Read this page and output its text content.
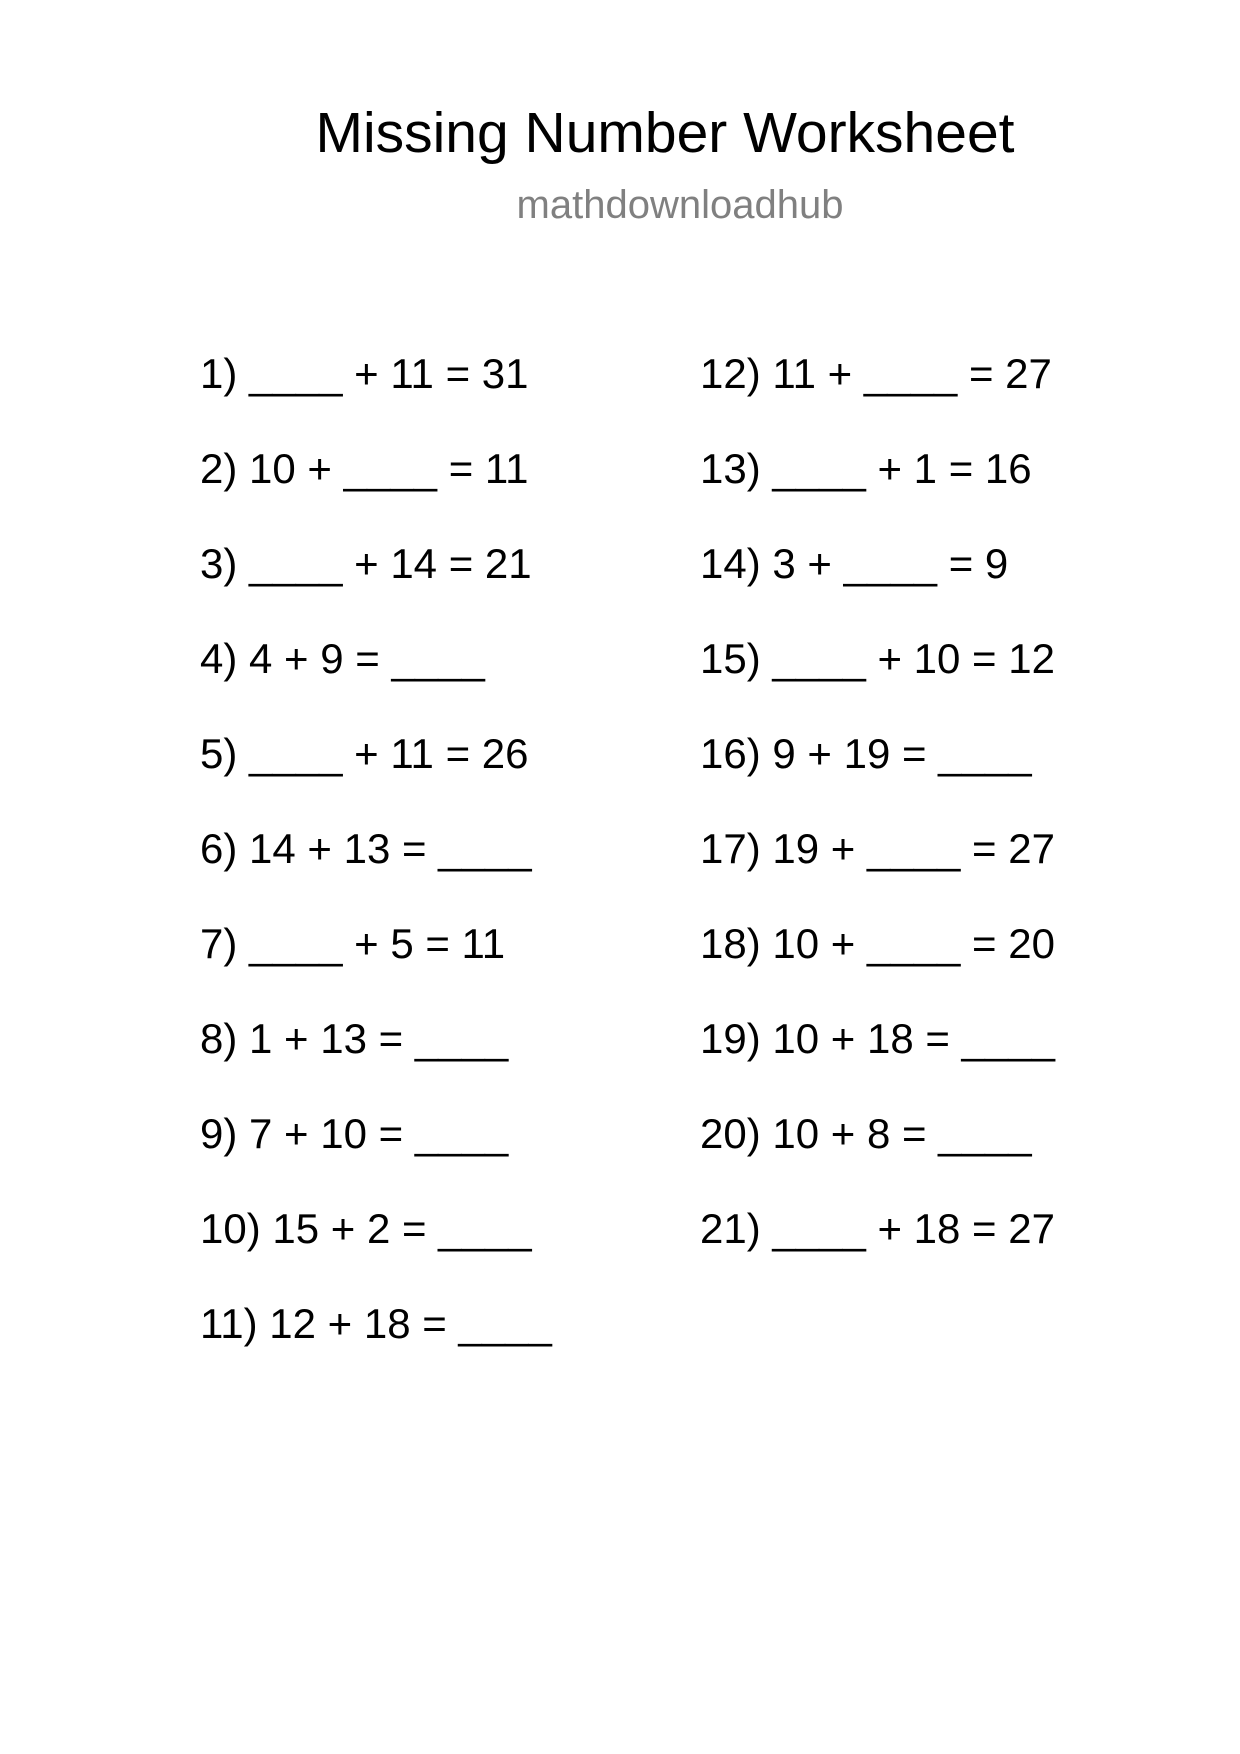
Missing Number Worksheet
mathdownloadhub
1) ____ + 11 = 31
2) 10 + ____ = 11
3) ____ + 14 = 21
4) 4 + 9 = ____
5) ____ + 11 = 26
6) 14 + 13 = ____
7) ____ + 5 = 11
8) 1 + 13 = ____
9) 7 + 10 = ____
10) 15 + 2 = ____
11) 12 + 18 = ____
12) 11 + ____ = 27
13) ____ + 1 = 16
14) 3 + ____ = 9
15) ____ + 10 = 12
16) 9 + 19 = ____
17) 19 + ____ = 27
18) 10 + ____ = 20
19) 10 + 18 = ____
20) 10 + 8 = ____
21) ____ + 18 = 27
